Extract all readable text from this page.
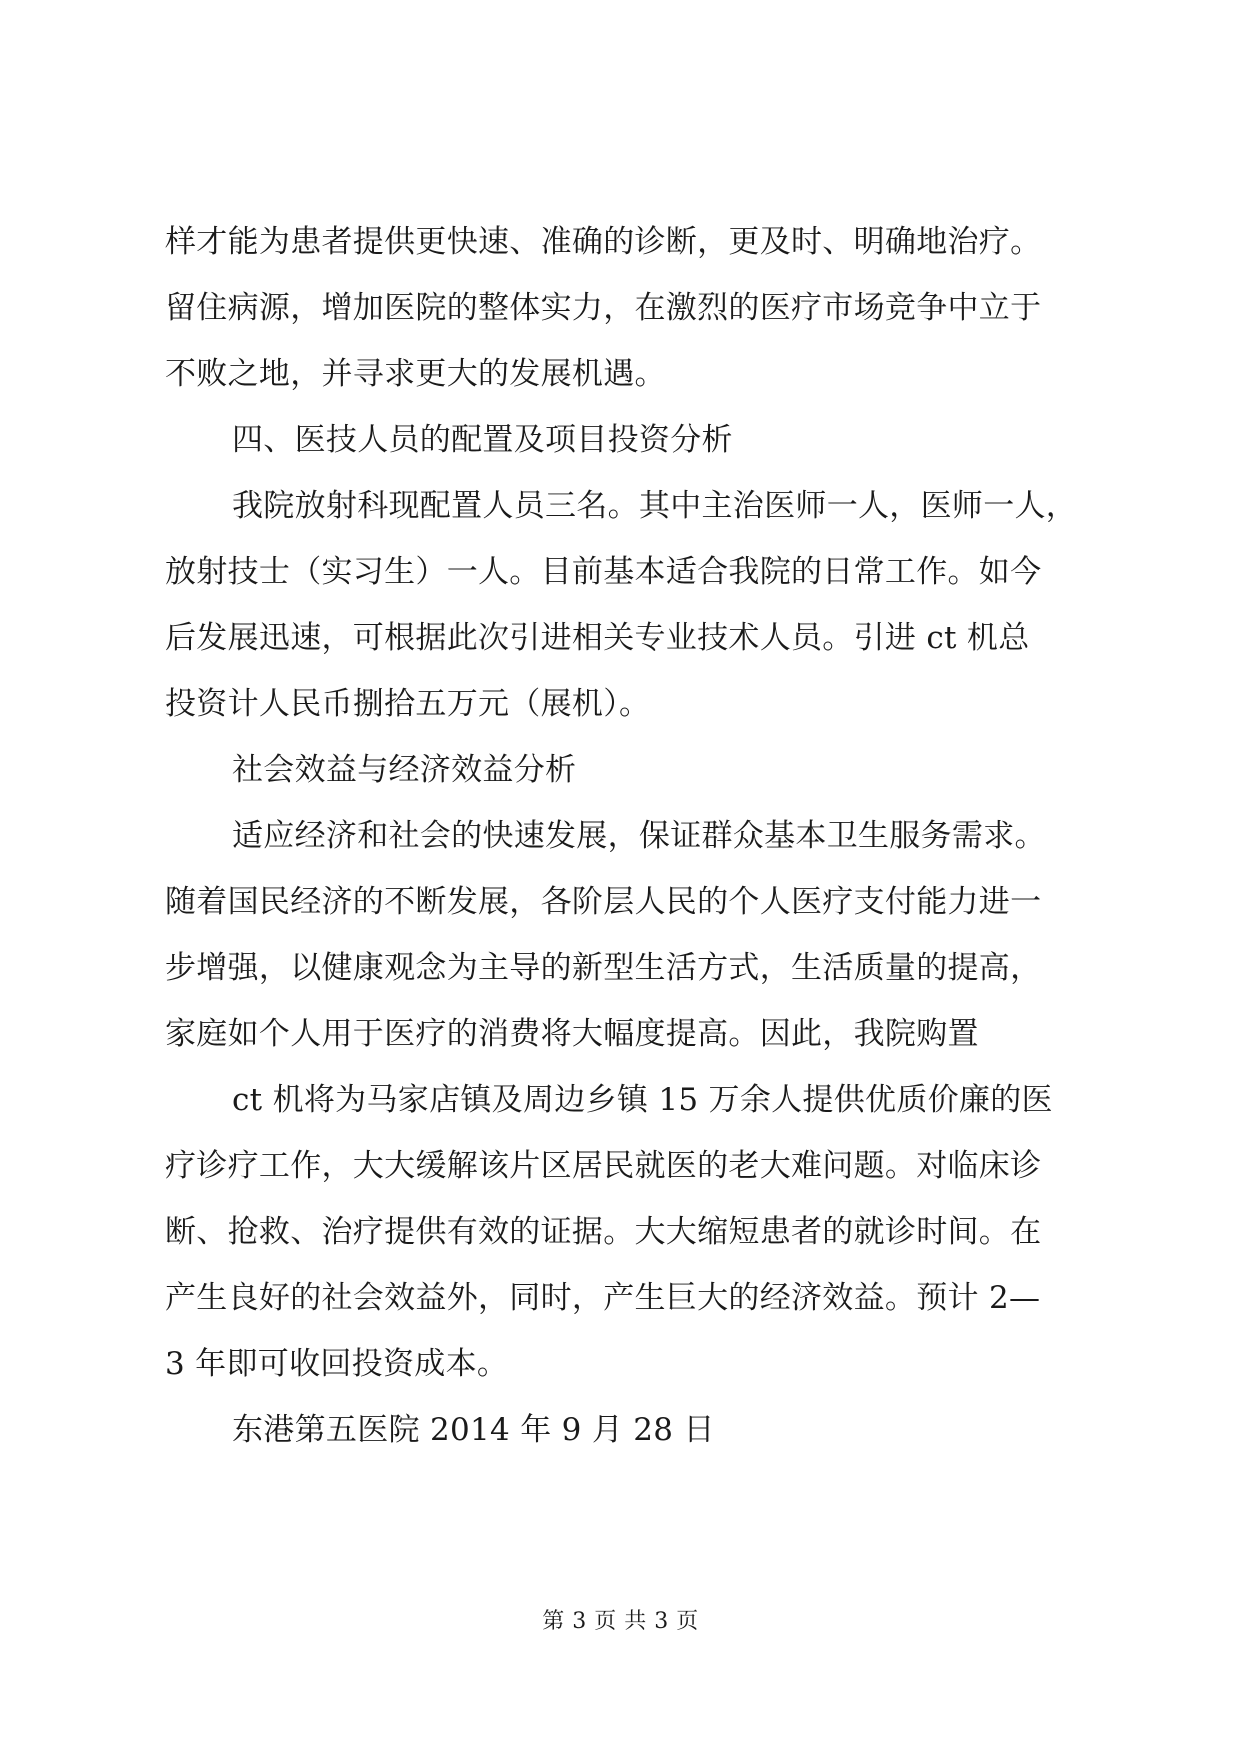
样才能为患者提供更快速、准确的诊断，更及时、明确地治疗。
留住病源，增加医院的整体实力，在激烈的医疗市场竞争中立于
不败之地，并寻求更大的发展机遇。
四、医技人员的配置及项目投资分析
我院放射科现配置人员三名。其中主治医师一人，医师一人，
放射技士（实习生）一人。目前基本适合我院的日常工作。如今
后发展迅速，可根据此次引进相关专业技术人员。引进 ct 机总
投资计人民币捌拾五万元（展机）。
社会效益与经济效益分析
适应经济和社会的快速发展，保证群众基本卫生服务需求。
随着国民经济的不断发展，各阶层人民的个人医疗支付能力进一
步增强，以健康观念为主导的新型生活方式，生活质量的提高，
家庭如个人用于医疗的消费将大幅度提高。因此，我院购置
ct 机将为马家店镇及周边乡镇 15 万余人提供优质价廉的医
疗诊疗工作，大大缓解该片区居民就医的老大难问题。对临床诊
断、抢救、治疗提供有效的证据。大大缩短患者的就诊时间。在
产生良好的社会效益外，同时，产生巨大的经济效益。预计 2—
3 年即可收回投资成本。
东港第五医院 2014 年 9 月 28 日
第 3 页 共 3 页
